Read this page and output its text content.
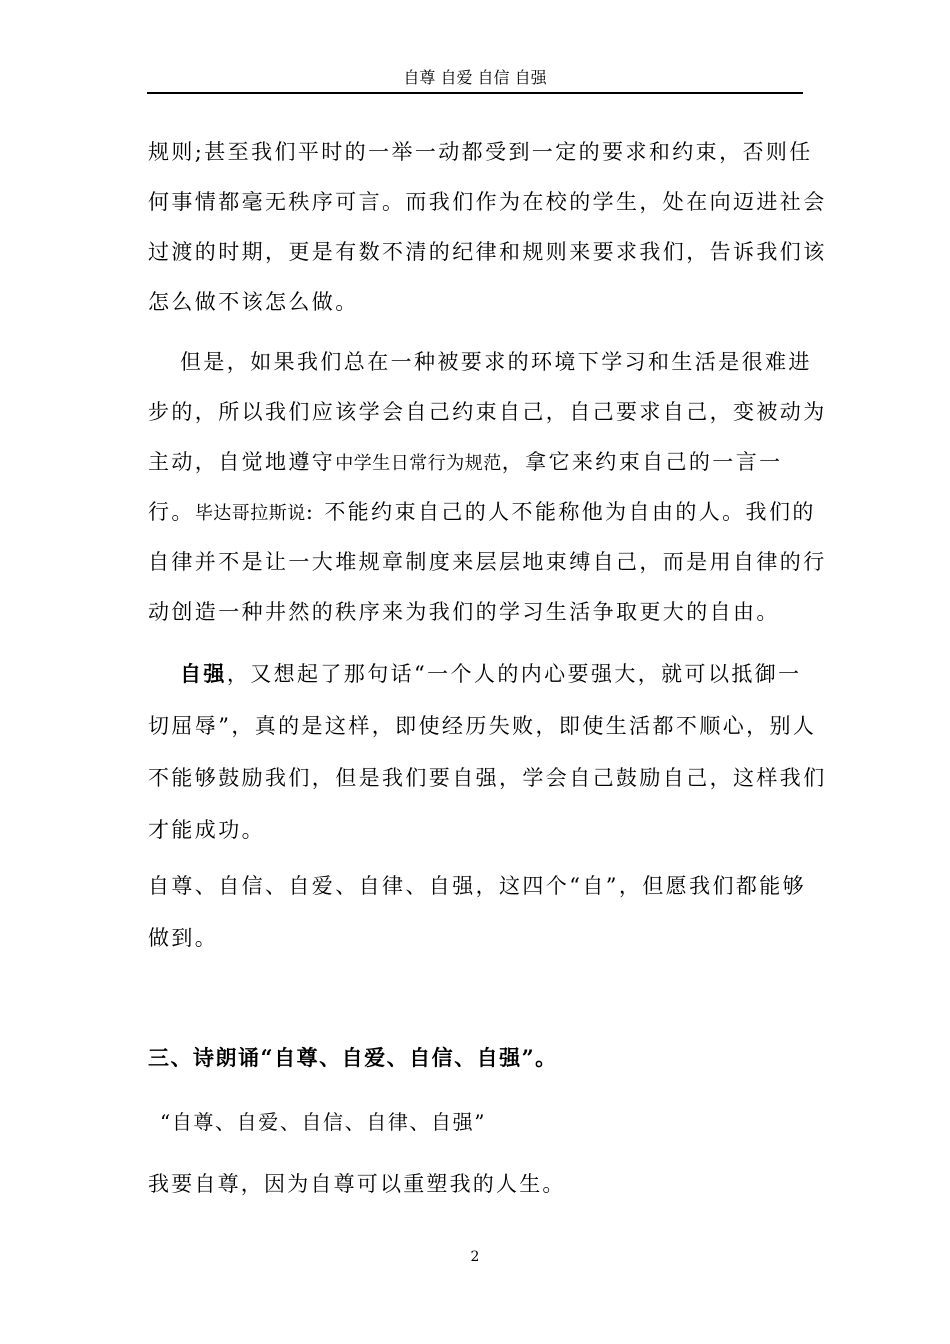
自尊 自爱 自信 自强
规则;甚至我们平时的一举一动都受到一定的要求和约束，否则任
何事情都毫无秩序可言。而我们作为在校的学生，处在向迈进社会
过渡的时期，更是有数不清的纪律和规则来要求我们，告诉我们该
怎么做不该怎么做。
但是，如果我们总在一种被要求的环境下学习和生活是很难进
步的，所以我们应该学会自己约束自己，自己要求自己，变被动为
主动，自觉地遵守中学生日常行为规范，拿它来约束自己的一言一
行。毕达哥拉斯说: 不能约束自己的人不能称他为自由的人。我们的
自律并不是让一大堆规章制度来层层地束缚自己，而是用自律的行
动创造一种井然的秩序来为我们的学习生活争取更大的自由。
自强，又想起了那句话“一个人的内心要强大，就可以抵御一
切屈辱”，真的是这样，即使经历失败，即使生活都不顺心，别人
不能够鼓励我们，但是我们要自强，学会自己鼓励自己，这样我们
才能成功。
自尊、自信、自爱、自律、自强，这四个“自”，但愿我们都能够
做到。
三、诗朗诵“自尊、自爱、自信、自强”。
“自尊、自爱、自信、自律、自强”
我要自尊，因为自尊可以重塑我的人生。
2
